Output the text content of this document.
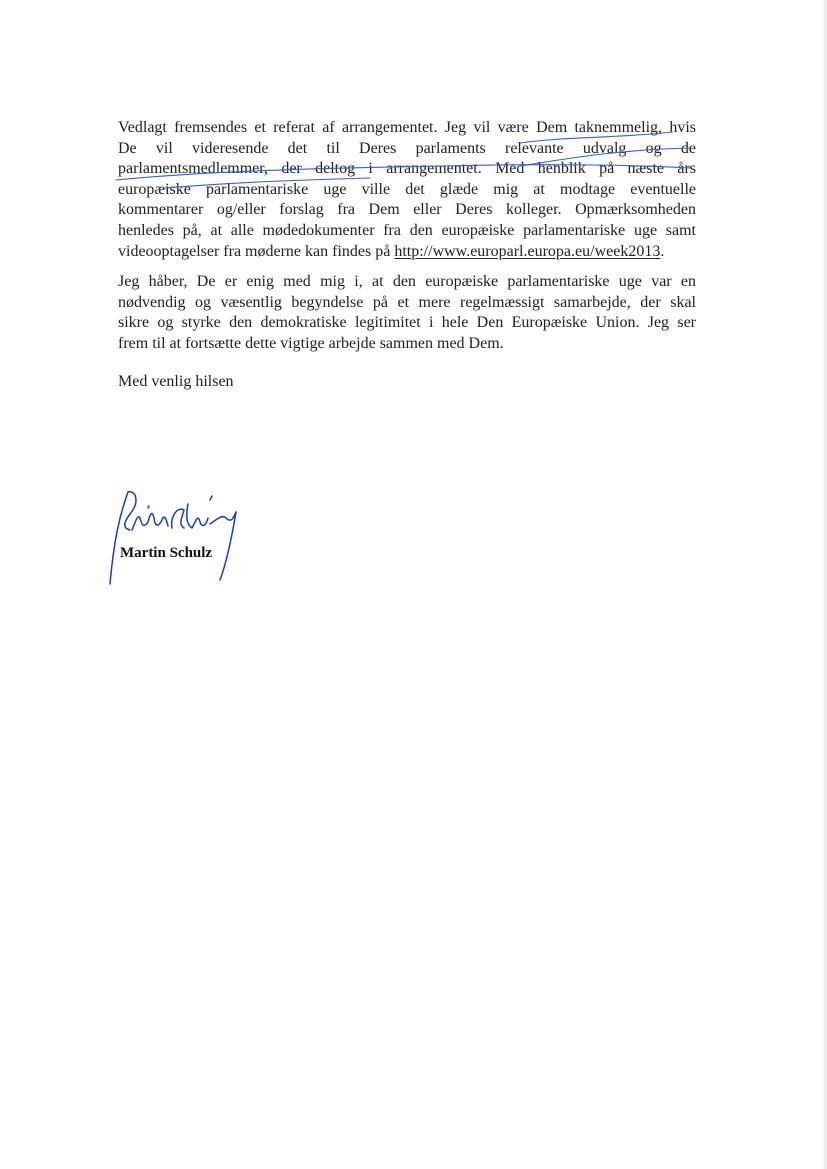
Vedlagt fremsendes et referat af arrangementet. Jeg vil være Dem taknemmelig, hvis
De vil videresende det til Deres parlaments relevante udvalg og de
parlamentsmedlemmer, der deltog i arrangementet. Med henblik på næste års
europæiske parlamentariske uge ville det glæde mig at modtage eventuelle
kommentarer og/eller forslag fra Dem eller Deres kolleger. Opmærksomheden
henledes på, at alle mødedokumenter fra den europæiske parlamentariske uge samt
videooptagelser fra møderne kan findes på http://www.europarl.europa.eu/week2013.
Jeg håber, De er enig med mig i, at den europæiske parlamentariske uge var en
nødvendig og væsentlig begyndelse på et mere regelmæssigt samarbejde, der skal
sikre og styrke den demokratiske legitimitet i hele Den Europæiske Union. Jeg ser
frem til at fortsætte dette vigtige arbejde sammen med Dem.
Med venlig hilsen
Martin Schulz
